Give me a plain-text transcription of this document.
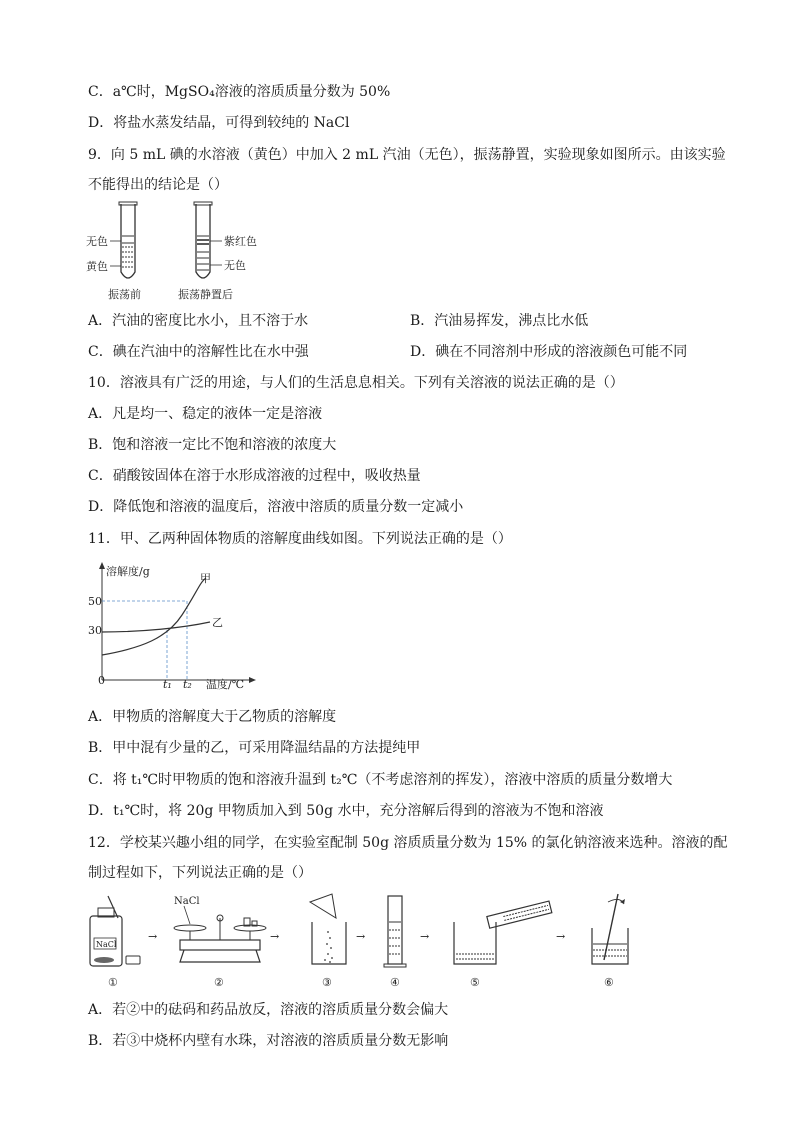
C．a℃时，MgSO₄溶液的溶质质量分数为 50%
D．将盐水蒸发结晶，可得到较纯的 NaCl
9．向 5 mL 碘的水溶液（黄色）中加入 2 mL 汽油（无色），振荡静置，实验现象如图所示。由该实验
不能得出的结论是（）
无色
黄色
振荡前
紫红色
无色
振荡静置后
A．汽油的密度比水小，且不溶于水	B．汽油易挥发，沸点比水低
C．碘在汽油中的溶解性比在水中强	D．碘在不同溶剂中形成的溶液颜色可能不同
10．溶液具有广泛的用途，与人们的生活息息相关。下列有关溶液的说法正确的是（）
A．凡是均一、稳定的液体一定是溶液
B．饱和溶液一定比不饱和溶液的浓度大
C．硝酸铵固体在溶于水形成溶液的过程中，吸收热量
D．降低饱和溶液的温度后，溶液中溶质的质量分数一定减小
11．甲、乙两种固体物质的溶解度曲线如图。下列说法正确的是（）
溶解度/g
温度/℃
0
50
30
t₁ t₂
甲
乙
A．甲物质的溶解度大于乙物质的溶解度
B．甲中混有少量的乙，可采用降温结晶的方法提纯甲
C．将 t₁℃时甲物质的饱和溶液升温到 t₂℃（不考虑溶剂的挥发），溶液中溶质的质量分数增大
D．t₁℃时，将 20g 甲物质加入到 50g 水中，充分溶解后得到的溶液为不饱和溶液
12．学校某兴趣小组的同学，在实验室配制 50g 溶质质量分数为 15% 的氯化钠溶液来选种。溶液的配
制过程如下，下列说法正确的是（）
NaCl
①
→
NaCl
②
→
③
→
④
→
⑤
→
⑥
A．若②中的砝码和药品放反，溶液的溶质质量分数会偏大
B．若③中烧杯内壁有水珠，对溶液的溶质质量分数无影响
